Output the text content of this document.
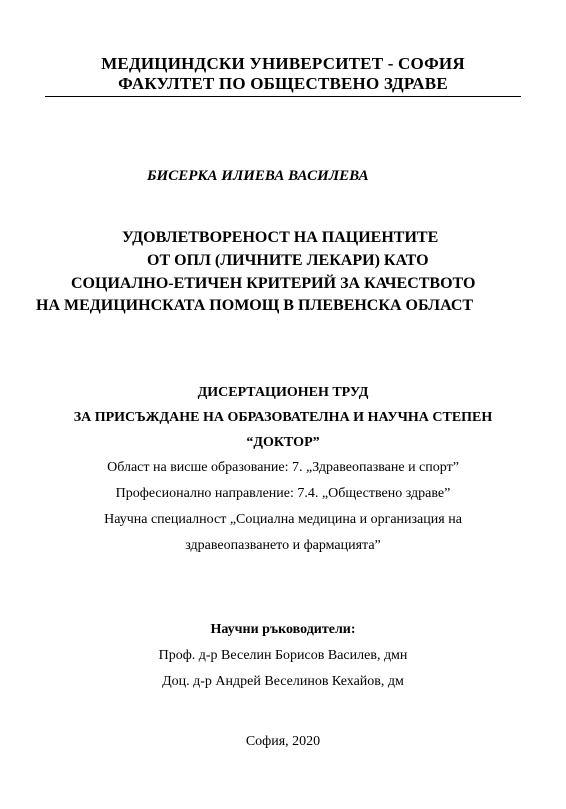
МЕДИЦИНДСКИ УНИВЕРСИТЕТ - СОФИЯ
ФАКУЛТЕТ ПО ОБЩЕСТВЕНО ЗДРАВЕ
БИСЕРКА ИЛИЕВА ВАСИЛЕВА
УДОВЛЕТВОРЕНОСТ НА ПАЦИЕНТИТЕ
ОТ ОПЛ (ЛИЧНИТЕ ЛЕКАРИ) КАТО
СОЦИАЛНО-ЕТИЧЕН КРИТЕРИЙ ЗА КАЧЕСТВОТО
НА МЕДИЦИНСКАТА ПОМОЩ В ПЛЕВЕНСКА ОБЛАСТ
ДИСЕРТАЦИОНЕН ТРУД
ЗА ПРИСЪЖДАНЕ НА ОБРАЗОВАТЕЛНА И НАУЧНА СТЕПЕН
“ДОКТОР”
Област на висше образование: 7. „Здравеопазване и спорт”
Професионално направление: 7.4. „Обществено здраве”
Научна специалност „Социална медицина и организация на
здравеопазването и фармацията”
Научни ръководители:
Проф. д-р Веселин Борисов Василев, дмн
Доц. д-р Андрей Веселинов Кехайов, дм
София, 2020
